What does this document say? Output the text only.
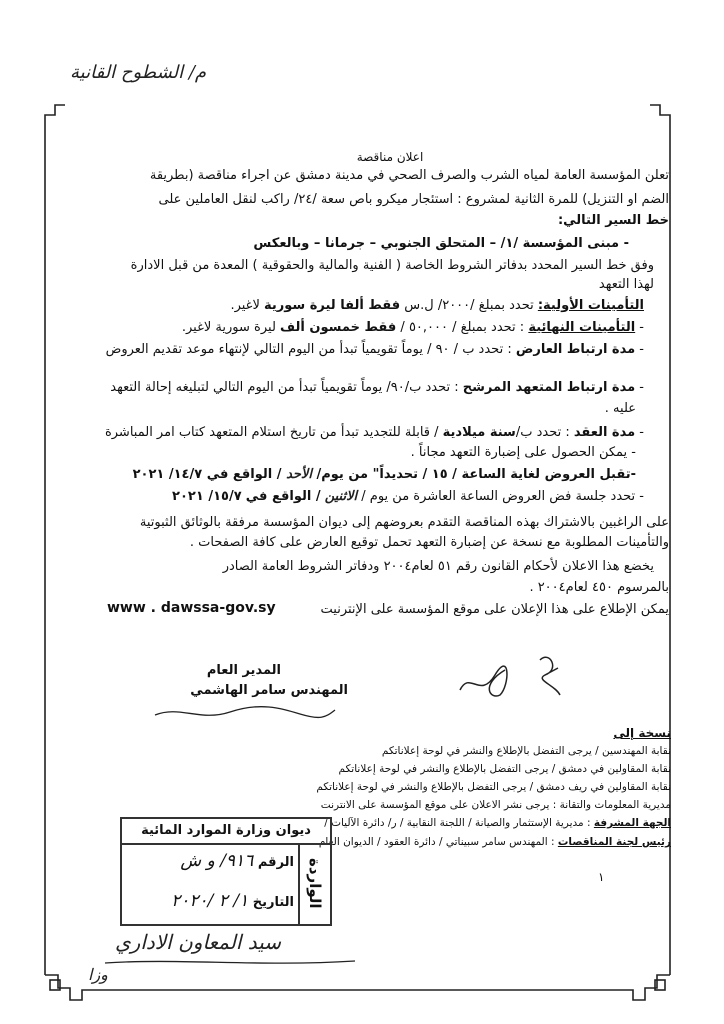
م/ الشطوح القانية
اعلان مناقصة
تعلن المؤسسة العامة لمياه الشرب والصرف الصحي في مدينة دمشق عن اجراء مناقصة (بطريقة
الضم او التنزيل) للمرة الثانية لمشروع : استئجار ميكرو باص سعة /٢٤/ راكب لنقل العاملين على
خط السير التالي:
- مبنى المؤسسة /١/ – المتحلق الجنوبي – جرمانا – وبالعكس
وفق خط السير المحدد بدفاتر الشروط الخاصة ( الفنية والمالية والحقوقية ) المعدة من قبل الادارة
لهذا التعهد
التأمينات الأولية: تحدد بمبلغ /٢٠٠٠/ ل.س فقط ألفا ليرة سورية لاغير.
- التأمينات النهائية : تحدد بمبلغ / ٥٠,٠٠٠ / فقط خمسون ألف ليرة سورية لاغير.
- مدة ارتباط العارض : تحدد ب / ٩٠ / يوماً تقويمياً تبدأ من اليوم التالي لإنتهاء موعد تقديم العروض
- مدة ارتباط المتعهد المرشح : تحدد ب/٩٠/ يوماً تقويمياً تبدأ من اليوم التالي لتبليغه إحالة التعهد
عليه .
- مدة العقد : تحدد ب/سنة ميلادية / قابلة للتجديد تبدأ من تاريخ استلام المتعهد كتاب امر المباشرة
- يمكن الحصول على إضبارة التعهد مجاناً .
-تقبل العروض لغاية الساعة / ١٥ / تحديداً" من يوم/ الأحد / الواقع في ١٤/٧/ ٢٠٢١
- تحدد جلسة فض العروض الساعة العاشرة من يوم / الاثنين / الواقع في ١٥/٧/ ٢٠٢١
على الراغبين بالاشتراك بهذه المناقصة التقدم بعروضهم إلى ديوان المؤسسة مرفقة بالوثائق الثبوتية
والتأمينات المطلوبة مع نسخة عن إضبارة التعهد تحمل توقيع العارض على كافة الصفحات .
يخضع هذا الاعلان لأحكام القانون رقم ٥١ لعام٢٠٠٤ ودفاتر الشروط العامة الصادر
بالمرسوم ٤٥٠ لعام٢٠٠٤ .
يمكن الإطلاع على هذا الإعلان على موقع المؤسسة على الإنترنيت
www . dawssa-gov.sy
المدير العام
المهندس سامر الهاشمي
نسخة إلى
نقابة المهندسين / يرجى التفضل بالإطلاع والنشر في لوحة إعلاناتكم
نقابة المقاولين في دمشق / يرجى التفضل بالإطلاع والنشر في لوحة إعلاناتكم
نقابة المقاولين في ريف دمشق / يرجى التفضل بالإطلاع والنشر في لوحة إعلاناتكم
مديرية المعلومات والتقانة : يرجى نشر الاعلان على موقع المؤسسة على الانترنت
الجهة المشرفة : مديرية الإستثمار والصيانة / اللجنة النقابية / ر/ دائرة الآليات /
رئيس لجنة المناقصات : المهندس سامر سبيناتي / دائرة العقود / الديوان العام
ديوان وزارة الموارد المائية
الواردة
الرقم ٩١٦/ و ش
التاريخ ١/ ٢ /٢٠٢٠
سيد المعاون الاداري
وزا
١
